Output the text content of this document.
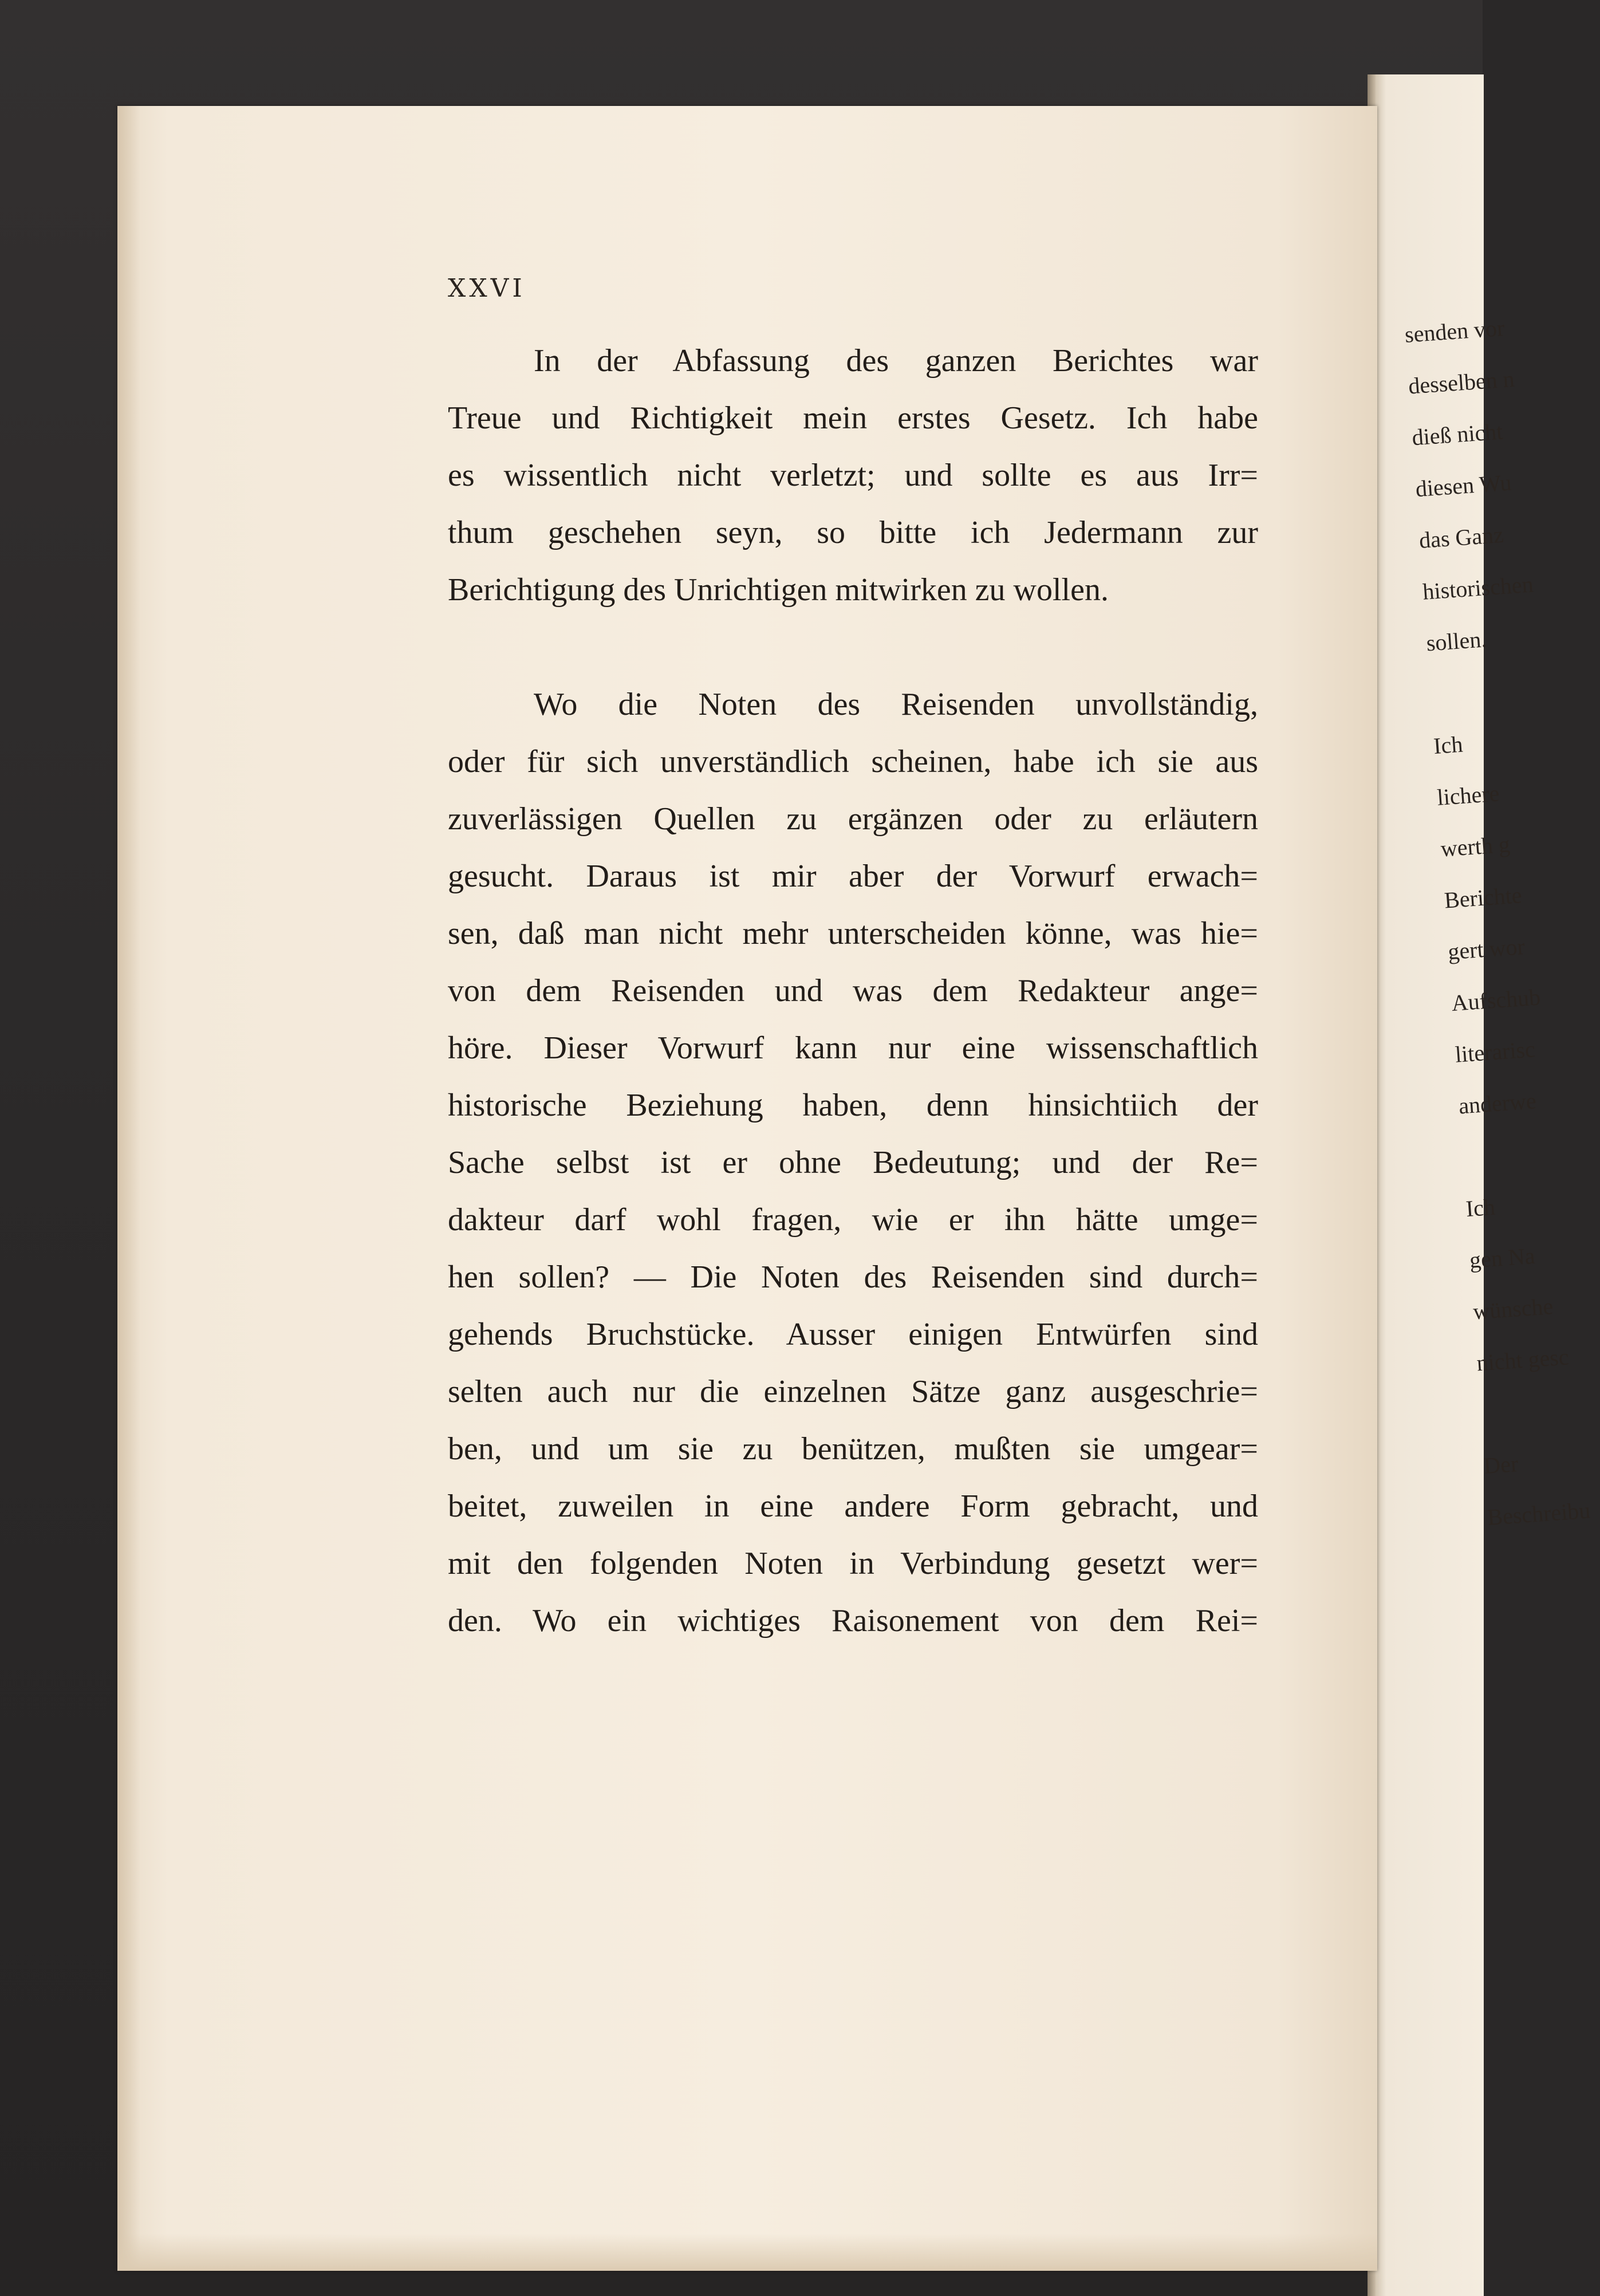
XXVI
In der Abfassung des ganzen Berichtes war
Treue und Richtigkeit mein erstes Gesetz. Ich habe
es wissentlich nicht verletzt; und sollte es aus Irr=
thum geschehen seyn, so bitte ich Jedermann zur
Berichtigung des Unrichtigen mitwirken zu wollen.
Wo die Noten des Reisenden unvollständig,
oder für sich unverständlich scheinen, habe ich sie aus
zuverlässigen Quellen zu ergänzen oder zu erläutern
gesucht. Daraus ist mir aber der Vorwurf erwach=
sen, daß man nicht mehr unterscheiden könne, was hie=
von dem Reisenden und was dem Redakteur ange=
höre. Dieser Vorwurf kann nur eine wissenschaftlich
historische Beziehung haben, denn hinsichtiich der
Sache selbst ist er ohne Bedeutung; und der Re=
dakteur darf wohl fragen, wie er ihn hätte umge=
hen sollen? — Die Noten des Reisenden sind durch=
gehends Bruchstücke. Ausser einigen Entwürfen sind
selten auch nur die einzelnen Sätze ganz ausgeschrie=
ben, und um sie zu benützen, mußten sie umgear=
beitet, zuweilen in eine andere Form gebracht, und
mit den folgenden Noten in Verbindung gesetzt wer=
den. Wo ein wichtiges Raisonement von dem Rei=
senden vor
desselben n
dieß nicht
diesen Wu
das Ganz
historischen
sollen.
Ich
lichere
werth g
Berichte
gert wor
Aufschub
literarisc
anderwe
Ich
gen Na
wünsche
nicht gesc
Der
Beschreibu
